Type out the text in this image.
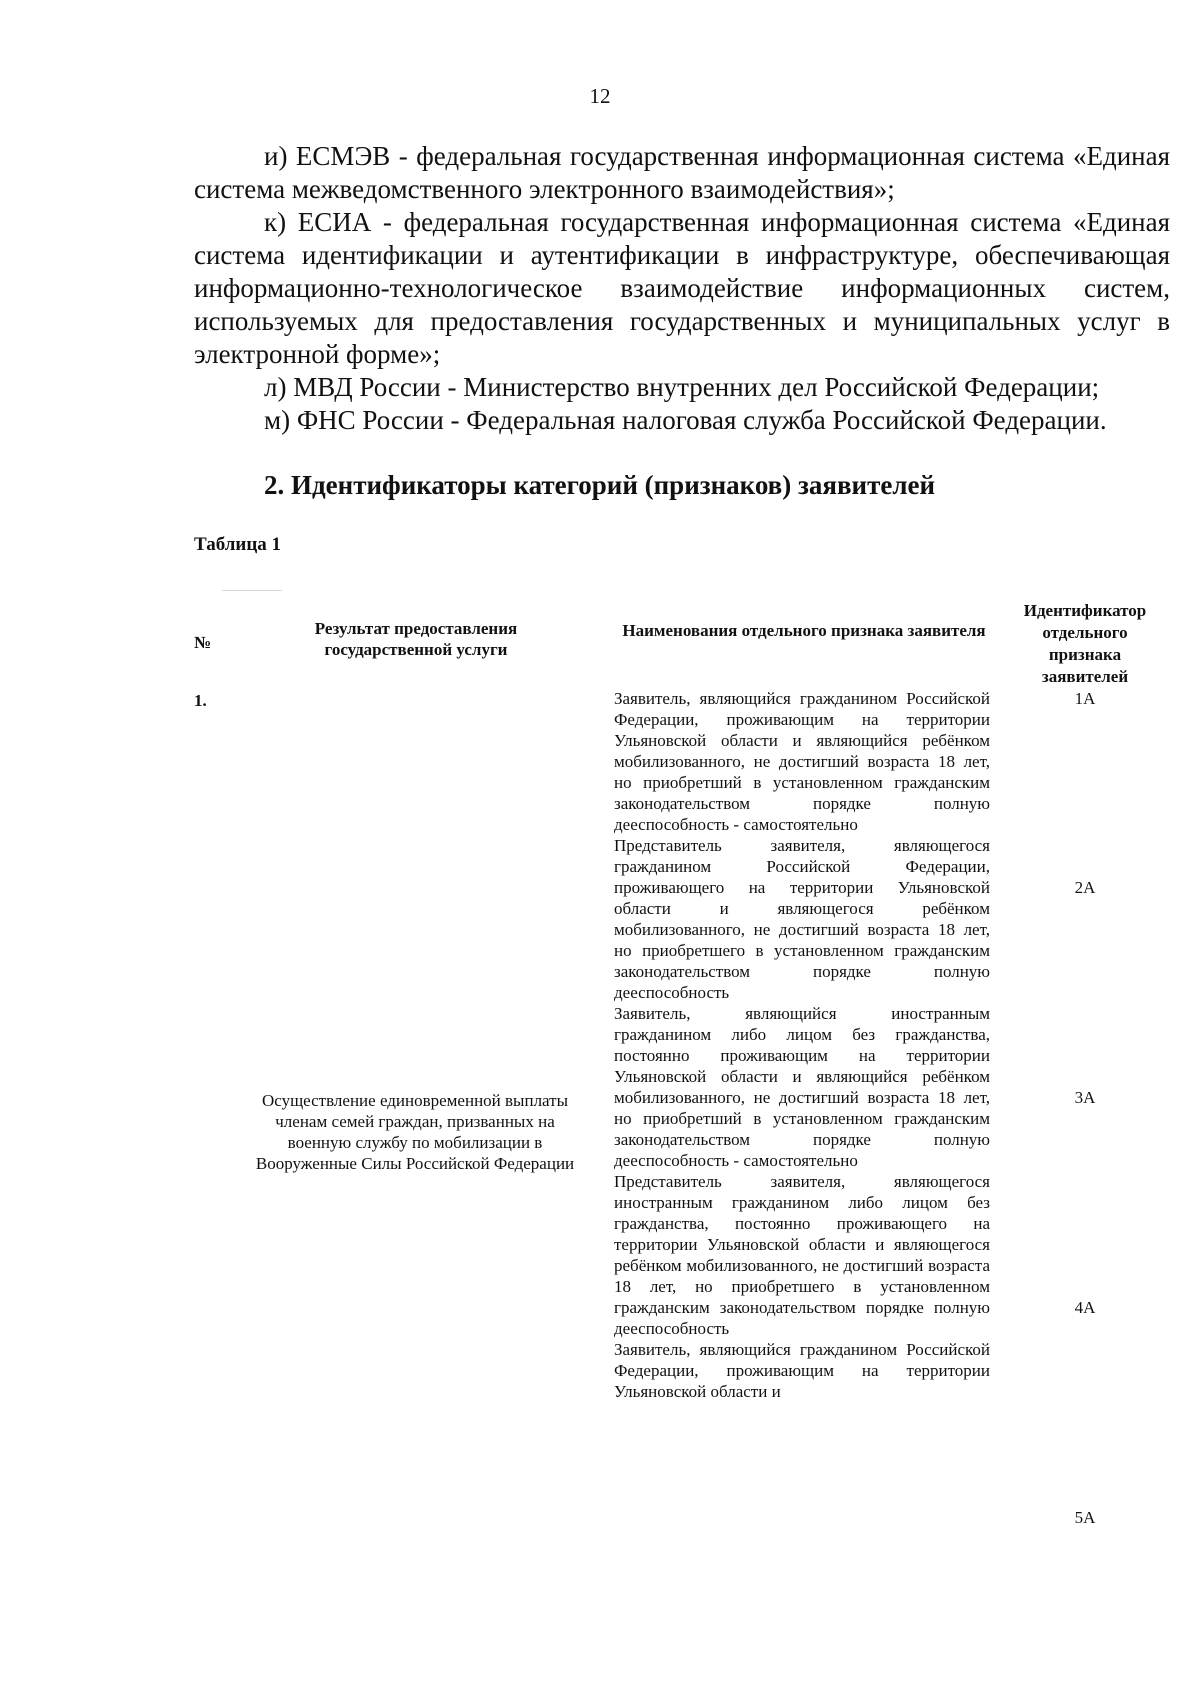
12

и) ЕСМЭВ - федеральная государственная информационная система «Единая система межведомственного электронного взаимодействия»;

к) ЕСИА - федеральная государственная информационная система «Единая система идентификации и аутентификации в инфраструктуре, обеспечивающая информационно-технологическое взаимодействие информационных систем, используемых для предоставления государственных и муниципальных услуг в электронной форме»;

л) МВД России - Министерство внутренних дел Российской Федерации;

м) ФНС России - Федеральная налоговая служба Российской Федерации.

2. Идентификаторы категорий (признаков) заявителей
Таблица 1
№
Результат предоставления государственной услуги
Наименования отдельного признака заявителя
Идентификатор отдельного признака заявителей
1.
Осуществление единовременной выплаты членам семей граждан, призванных на военную службу по мобилизации в Вооруженные Силы Российской Федерации
Заявитель, являющийся гражданином Российской Федерации, проживающим на территории Ульяновской области и являющийся ребёнком мобилизованного, не достигший возраста 18 лет, но приобретший в установленном гражданским законодательством порядке полную дееспособность - самостоятельно
Представитель заявителя, являющегося гражданином Российской Федерации, проживающего на территории Ульяновской области и являющегося ребёнком мобилизованного, не достигший возраста 18 лет, но приобретшего в установленном гражданским законодательством порядке полную дееспособность
Заявитель, являющийся иностранным гражданином либо лицом без гражданства, постоянно проживающим на территории Ульяновской области и являющийся ребёнком мобилизованного, не достигший возраста 18 лет, но приобретший в установленном гражданским законодательством порядке полную дееспособность - самостоятельно
Представитель заявителя, являющегося иностранным гражданином либо лицом без гражданства, постоянно проживающего на территории Ульяновской области и являющегося ребёнком мобилизованного, не достигший возраста 18 лет, но приобретшего в установленном гражданским законодательством порядке полную дееспособность
Заявитель, являющийся гражданином Российской Федерации, проживающим на территории Ульяновской области и
1А
2А
3А
4А
5А
